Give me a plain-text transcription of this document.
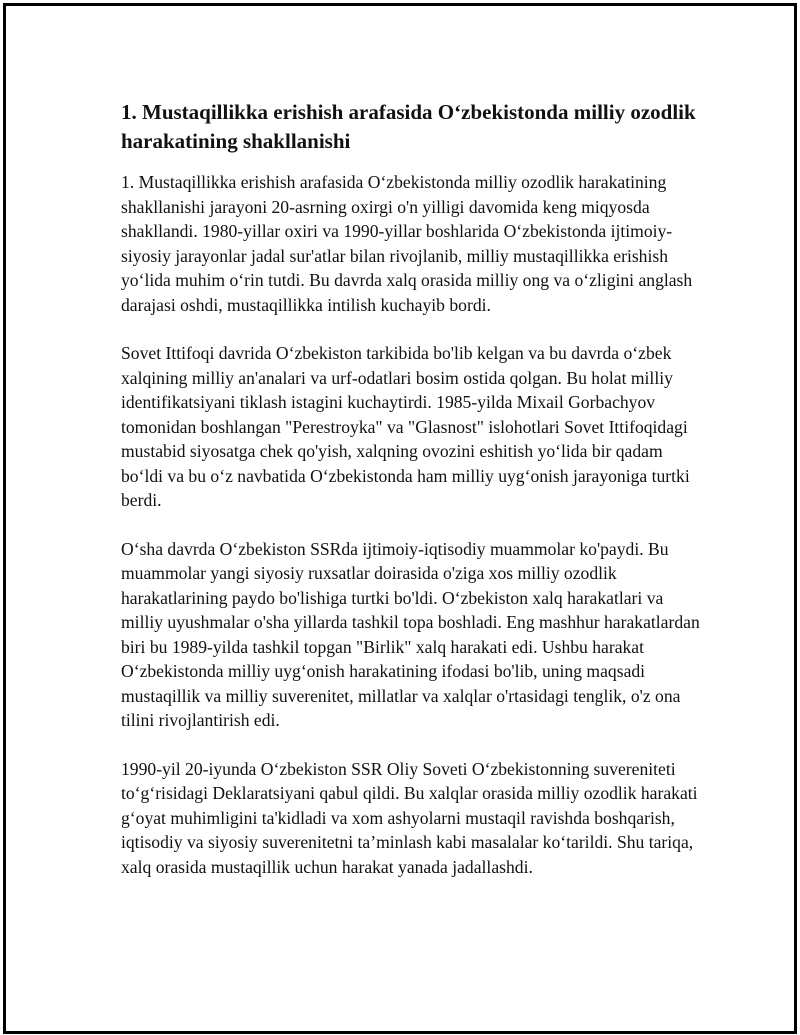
1. Mustaqillikka erishish arafasida O‘zbekistonda milliy ozodlik harakatining shakllanishi

1. Mustaqillikka erishish arafasida O‘zbekistonda milliy ozodlik harakatining shakllanishi jarayoni 20-asrning oxirgi o'n yilligi davomida keng miqyosda shakllandi. 1980-yillar oxiri va 1990-yillar boshlarida O‘zbekistonda ijtimoiy-siyosiy jarayonlar jadal sur'atlar bilan rivojlanib, milliy mustaqillikka erishish yo‘lida muhim o‘rin tutdi. Bu davrda xalq orasida milliy ong va o‘zligini anglash darajasi oshdi, mustaqillikka intilish kuchayib bordi.

Sovet Ittifoqi davrida O‘zbekiston tarkibida bo'lib kelgan va bu davrda o‘zbek xalqining milliy an'analari va urf-odatlari bosim ostida qolgan. Bu holat milliy identifikatsiyani tiklash istagini kuchaytirdi. 1985-yilda Mixail Gorbachyov tomonidan boshlangan "Perestroyka" va "Glasnost" islohotlari Sovet Ittifoqidagi mustabid siyosatga chek qo'yish, xalqning ovozini eshitish yo‘lida bir qadam bo‘ldi va bu o‘z navbatida O‘zbekistonda ham milliy uyg‘onish jarayoniga turtki berdi.

O‘sha davrda O‘zbekiston SSRda ijtimoiy-iqtisodiy muammolar ko'paydi. Bu muammolar yangi siyosiy ruxsatlar doirasida o'ziga xos milliy ozodlik harakatlarining paydo bo'lishiga turtki bo'ldi. O‘zbekiston xalq harakatlari va milliy uyushmalar o'sha yillarda tashkil topa boshladi. Eng mashhur harakatlardan biri bu 1989-yilda tashkil topgan "Birlik" xalq harakati edi. Ushbu harakat O‘zbekistonda milliy uyg‘onish harakatining ifodasi bo'lib, uning maqsadi mustaqillik va milliy suverenitet, millatlar va xalqlar o'rtasidagi tenglik, o'z ona tilini rivojlantirish edi.

1990-yil 20-iyunda O‘zbekiston SSR Oliy Soveti O‘zbekistonning suvereniteti to‘g‘risidagi Deklaratsiyani qabul qildi. Bu xalqlar orasida milliy ozodlik harakati g‘oyat muhimligini ta'kidladi va xom ashyolarni mustaqil ravishda boshqarish, iqtisodiy va siyosiy suverenitetni ta’minlash kabi masalalar ko‘tarildi. Shu tariqa, xalq orasida mustaqillik uchun harakat yanada jadallashdi.
